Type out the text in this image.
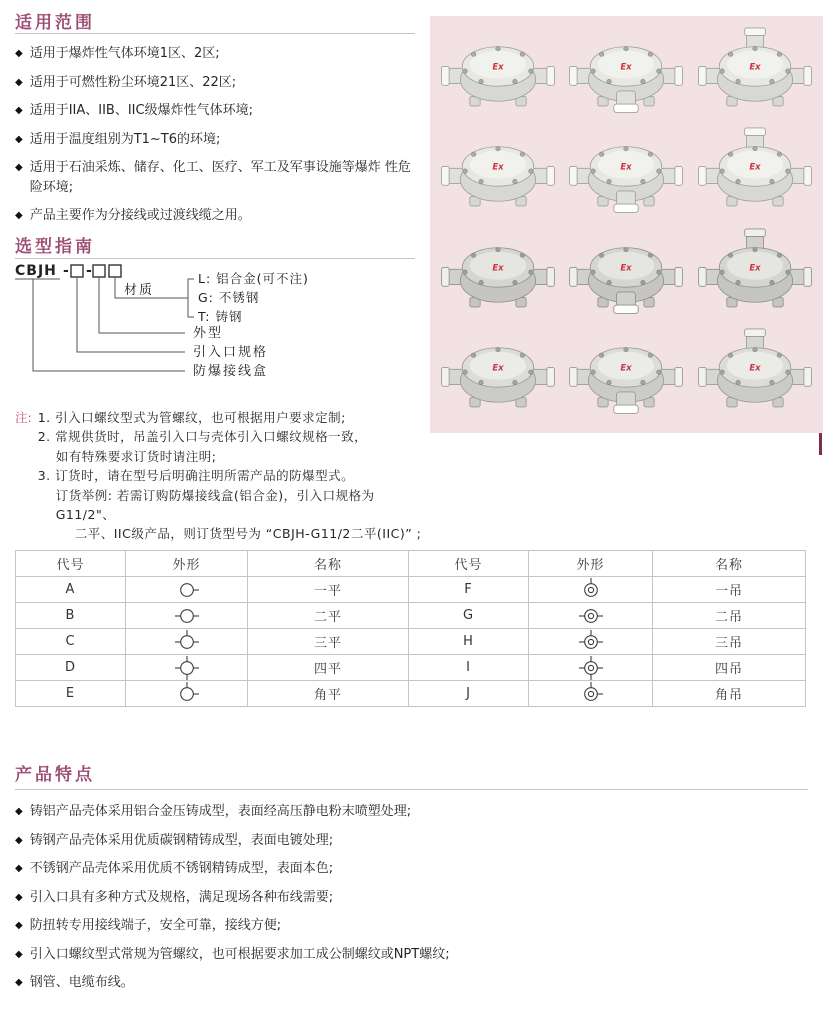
适用范围
◆ 适用于爆炸性气体环境1区、2区;
◆ 适用于可燃性粉尘环境21区、22区;
◆ 适用于IIA、IIB、IIC级爆炸性气体环境;
◆ 适用于温度组别为T1~T6的环境;
◆ 适用于石油采炼、储存、化工、医疗、军工及军事设施等爆炸 性危险环境;
◆ 产品主要作为分接线或过渡线缆之用。
Ex	Ex	Ex
Ex	Ex	Ex
Ex	Ex	Ex
Ex	Ex	Ex
选型指南
CBJH - -
材质
L: 铝合金(可不注)
G: 不锈钢
T: 铸钢
外型
引入口规格
防爆接线盒
注: 1. 引入口螺纹型式为管螺纹，也可根据用户要求定制;
2. 常规供货时，吊盖引入口与壳体引入口螺纹规格一致，
如有特殊要求订货时请注明;
3. 订货时，请在型号后明确注明所需产品的防爆型式。
订货举例: 若需订购防爆接线盒(铝合金)，引入口规格为G11/2"、
二平、IIC级产品，则订货型号为 “CBJH-G11/2二平(IIC)” ;
代号	外形	名称	代号	外形	名称
A		一平	F		一吊
B		二平	G		二吊
C		三平	H		三吊
D		四平	I		四吊
E		角平	J		角吊
产品特点
◆ 铸铝产品壳体采用铝合金压铸成型，表面经高压静电粉末喷塑处理;
◆ 铸钢产品壳体采用优质碳钢精铸成型，表面电镀处理;
◆ 不锈钢产品壳体采用优质不锈钢精铸成型，表面本色;
◆ 引入口具有多种方式及规格，满足现场各种布线需要;
◆ 防扭转专用接线端子，安全可靠，接线方便;
◆ 引入口螺纹型式常规为管螺纹，也可根据要求加工成公制螺纹或NPT螺纹;
◆ 钢管、电缆布线。
